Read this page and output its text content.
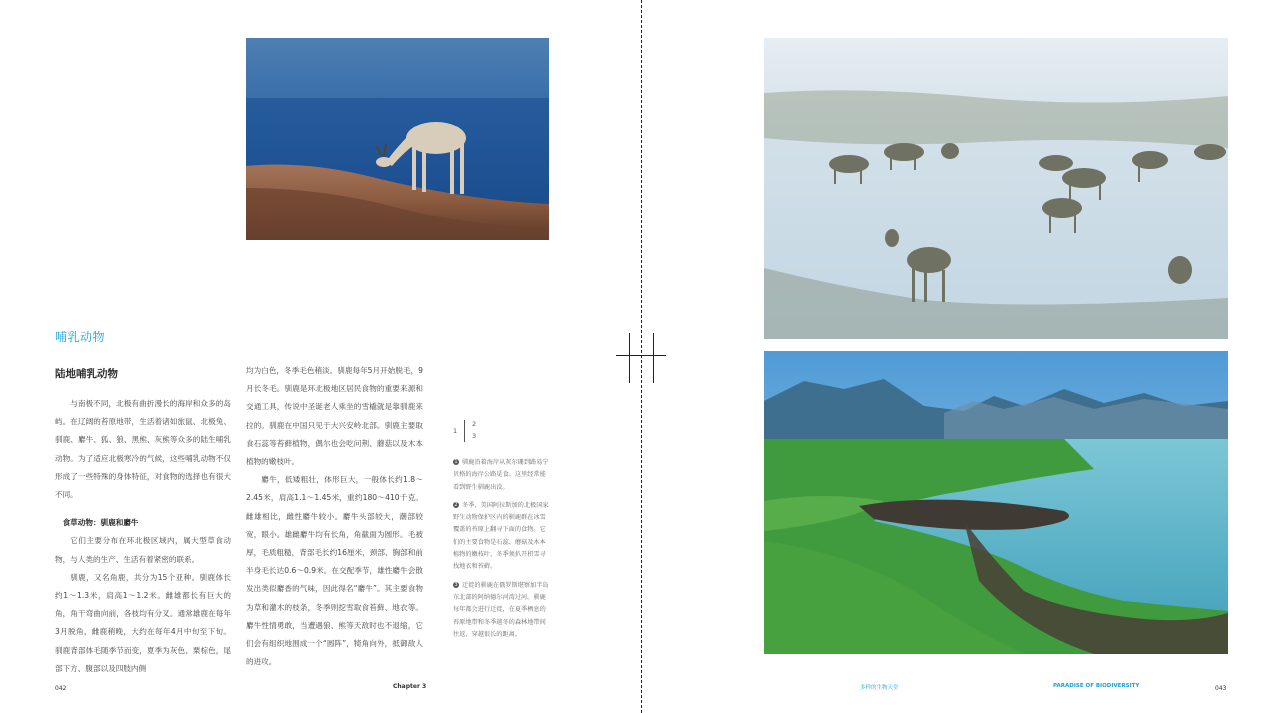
哺乳动物
陆地哺乳动物

与南极不同，北极有曲折漫长的海岸和众多的岛屿。在辽阔的苔原地带，生活着诸如旅鼠、北极兔、驯鹿、麝牛、狐、狼、黑熊、灰熊等众多的陆生哺乳动物。为了适应北极寒冷的气候，这些哺乳动物不仅形成了一些特殊的身体特征，对食物的选择也有很大不同。

食草动物：驯鹿和麝牛

它们主要分布在环北极区域内，属大型草食动物，与人类的生产、生活有着紧密的联系。

驯鹿，又名角鹿，共分为15个亚种。驯鹿体长约1～1.3米，肩高1～1.2米。雌雄都长有巨大的角，角干弯曲向前，各枝均有分叉。通常雄鹿在每年3月脱角，雌鹿稍晚，大约在每年4月中旬至下旬。驯鹿背部体毛随季节而变，夏季为灰色、栗棕色，尾部下方、腹部以及四肢内侧

均为白色，冬季毛色稍淡。驯鹿每年5月开始脱毛，9月长冬毛。驯鹿是环北极地区居民食物的重要来源和交通工具，传说中圣诞老人乘坐的雪橇就是靠驯鹿来拉的。驯鹿在中国只见于大兴安岭北部。驯鹿主要取食石蕊等苔藓植物，偶尔也会吃问荆、蘑菇以及木本植物的嫩枝叶。

麝牛，低矮粗壮，体形巨大，一般体长约1.8～2.45米，肩高1.1～1.45米，重约180～410千克。雌雄相比，雌性麝牛较小。麝牛头部较大，潮部较宽，眼小。雄雌麝牛均有长角，角截面为圆形。毛被厚，毛质粗糙，背部毛长约16厘米，颈部、胸部和前半身毛长达0.6～0.9米。在交配季节，雄性麝牛会散发出类似麝香的气味，因此得名“麝牛”。其主要食物为草和灌木的枝条，冬季则挖雪取食苔藓、地衣等。麝牛性情勇敢，当遭遇狼、熊等天敌时也不退缩，它们会有组织地围成一个“圆阵”，犄角向外，抵御敌人的进攻。

1
2
3

1 驯鹿沿着海岸从灰尔珊到路易宁贝格的海岸公路觅食。这里经常能看到野生驯鹿出没。

2 冬季，美国阿拉斯加的北极国家野生动物保护区内的驯鹿群在冰雪覆盖的苔原上翻寻下面的食物。它们的主要食物是石蕊、蘑菇及木本植物的嫩枝叶，冬季须扒开积雪寻找地衣和苔藓。

3 迁徙的驯鹿在俄罗斯堪察加半岛东北部的阿纳德尔河湾过河。驯鹿每年都会进行迁徙，在夏季栖息的苔原地带和冬季越冬的森林地带间往返，穿越很长的距离。

042	Chapter 3	多样的生物天堂	PARADISE OF BIODIVERSITY	043
